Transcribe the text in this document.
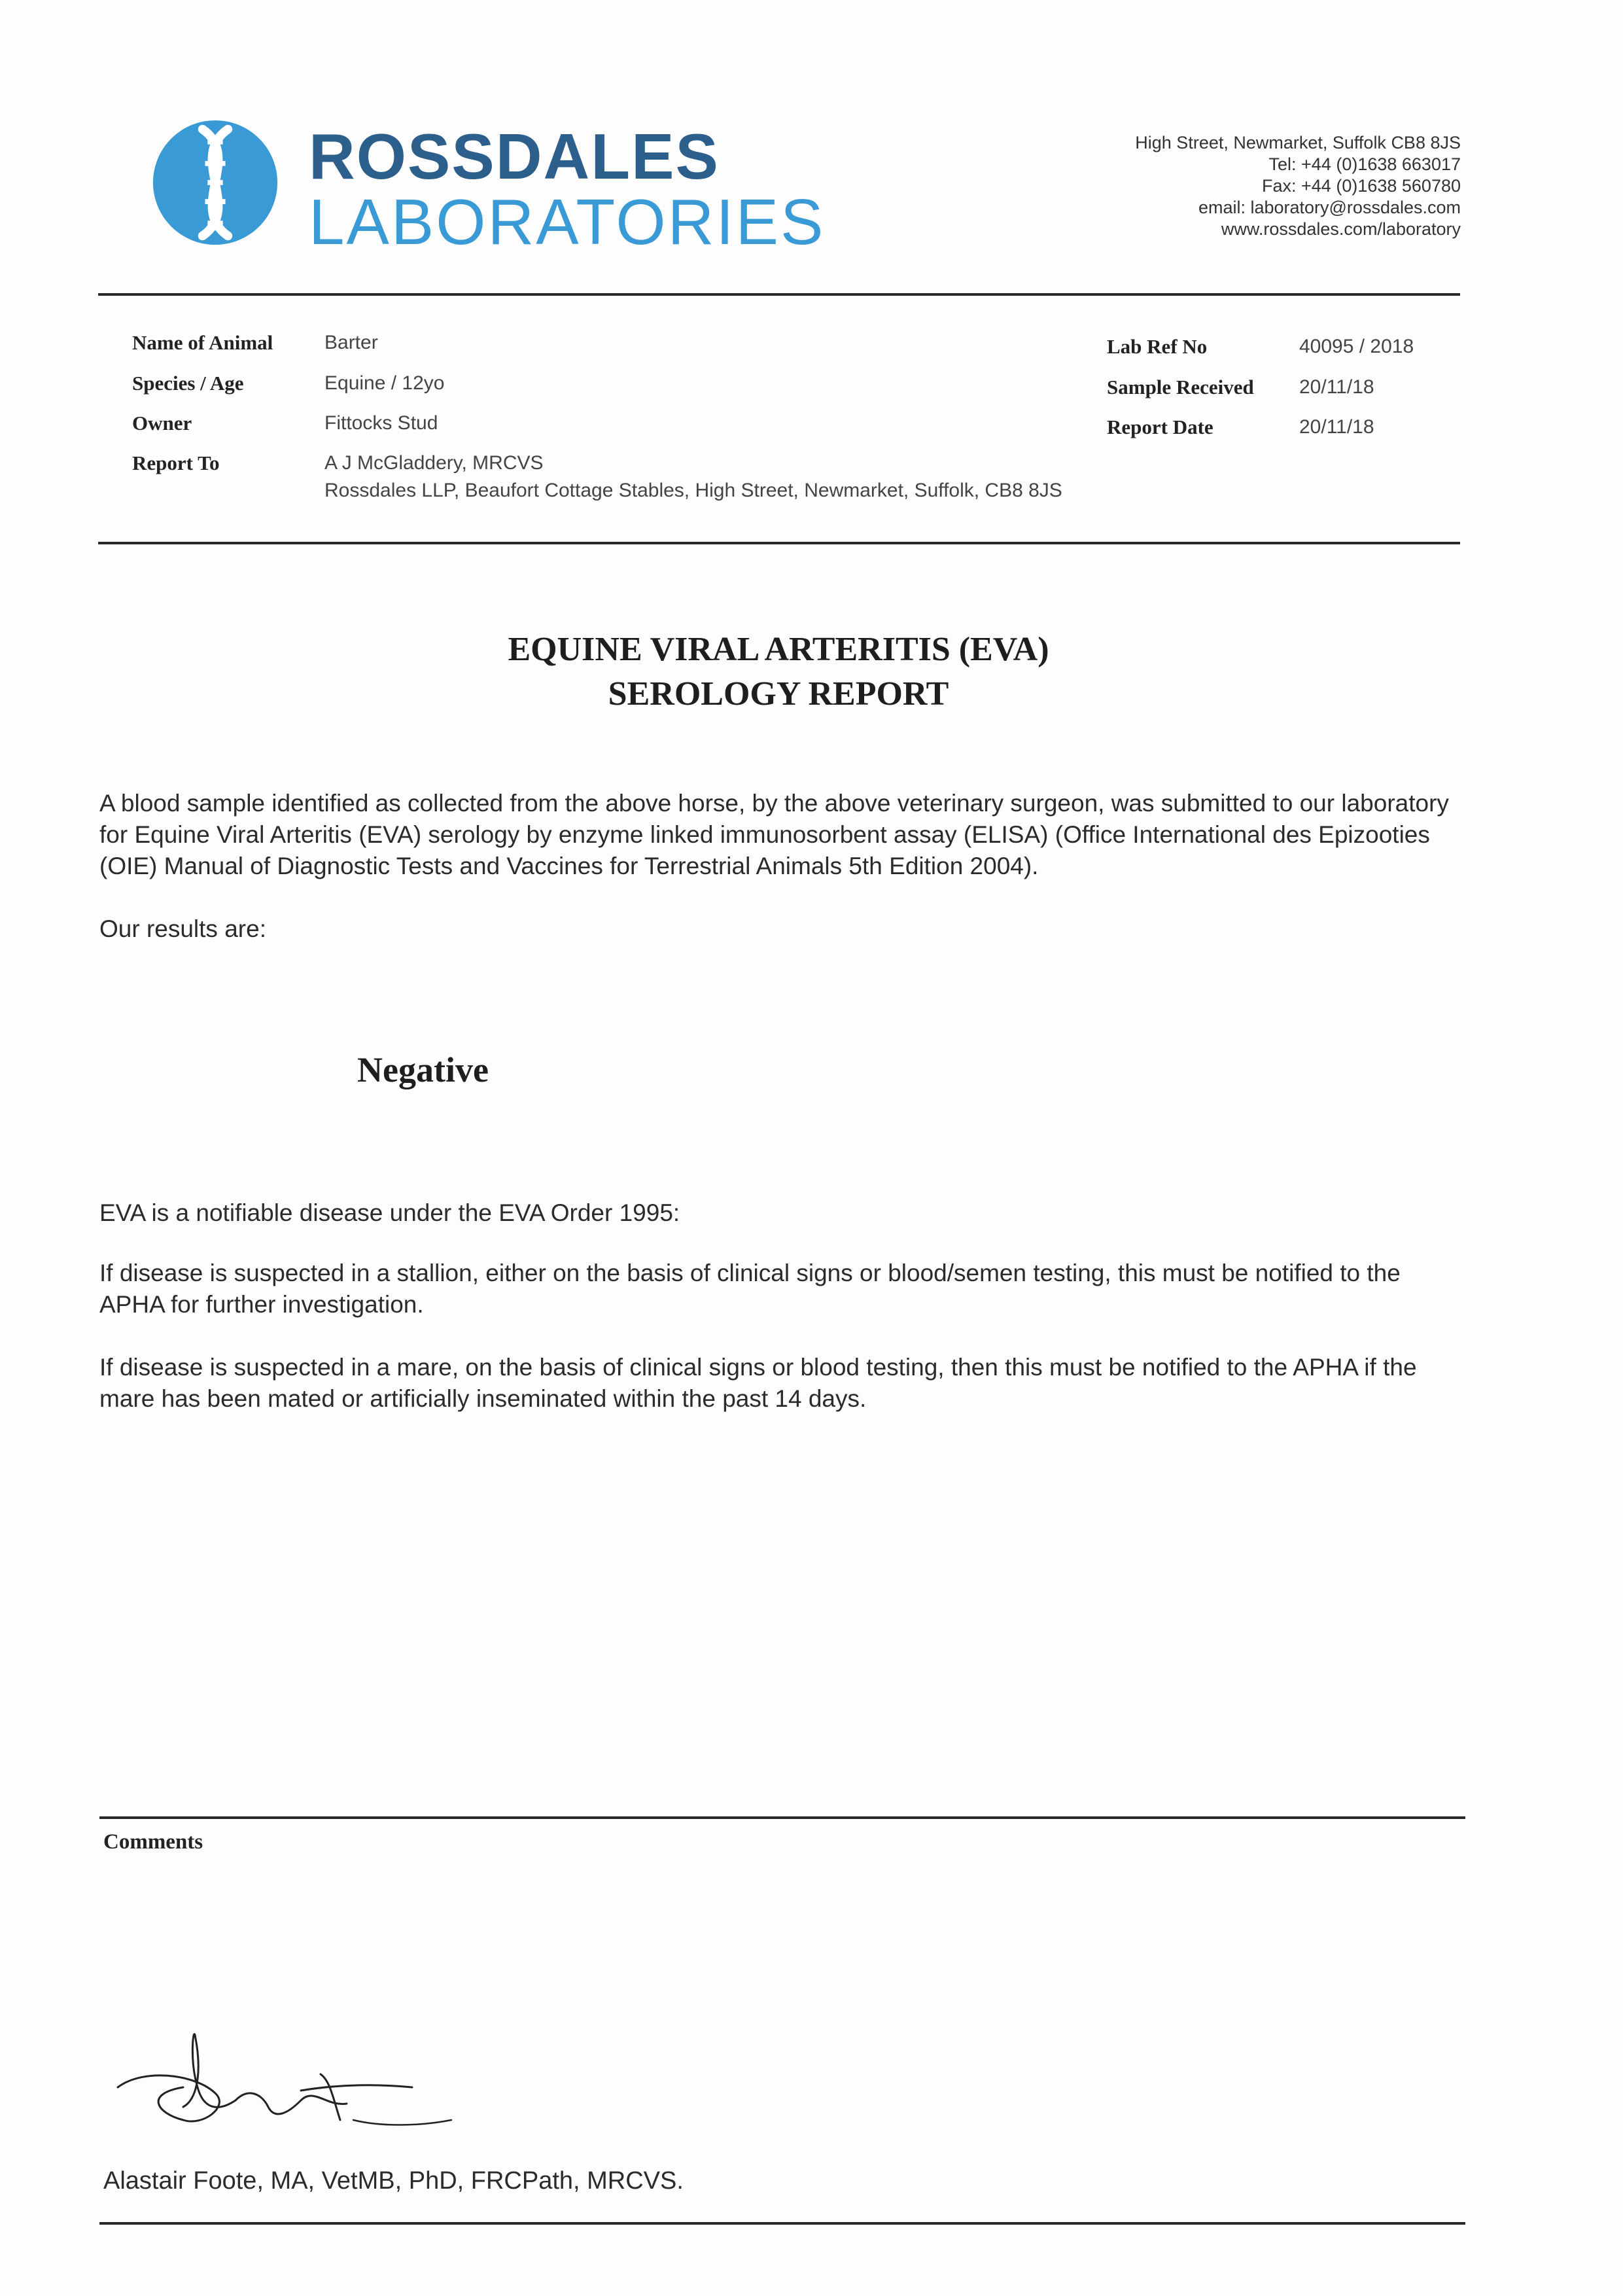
ROSSDALES
LABORATORIES
High Street, Newmarket, Suffolk CB8 8JS
Tel: +44 (0)1638 663017
Fax: +44 (0)1638 560780
email: laboratory@rossdales.com
www.rossdales.com/laboratory
Name of Animal	Barter
Species / Age	Equine / 12yo
Owner	Fittocks Stud
Report To	A J McGladdery, MRCVS
Rossdales LLP, Beaufort Cottage Stables, High Street, Newmarket, Suffolk, CB8 8JS
Lab Ref No	40095 / 2018
Sample Received 20/11/18
Report Date	20/11/18
EQUINE VIRAL ARTERITIS (EVA)
SEROLOGY REPORT
A blood sample identified as collected from the above horse, by the above veterinary surgeon, was submitted to our laboratory for Equine Viral Arteritis (EVA) serology by enzyme linked immunosorbent assay (ELISA) (Office International des Epizooties (OIE) Manual of Diagnostic Tests and Vaccines for Terrestrial Animals 5th Edition 2004).
Our results are:
Negative
EVA is a notifiable disease under the EVA Order 1995:
If disease is suspected in a stallion, either on the basis of clinical signs or blood/semen testing, this must be notified to the APHA for further investigation.
If disease is suspected in a mare, on the basis of clinical signs or blood testing, then this must be notified to the APHA if the mare has been mated or artificially inseminated within the past 14 days.
Comments
Alastair Foote, MA, VetMB, PhD, FRCPath, MRCVS.
